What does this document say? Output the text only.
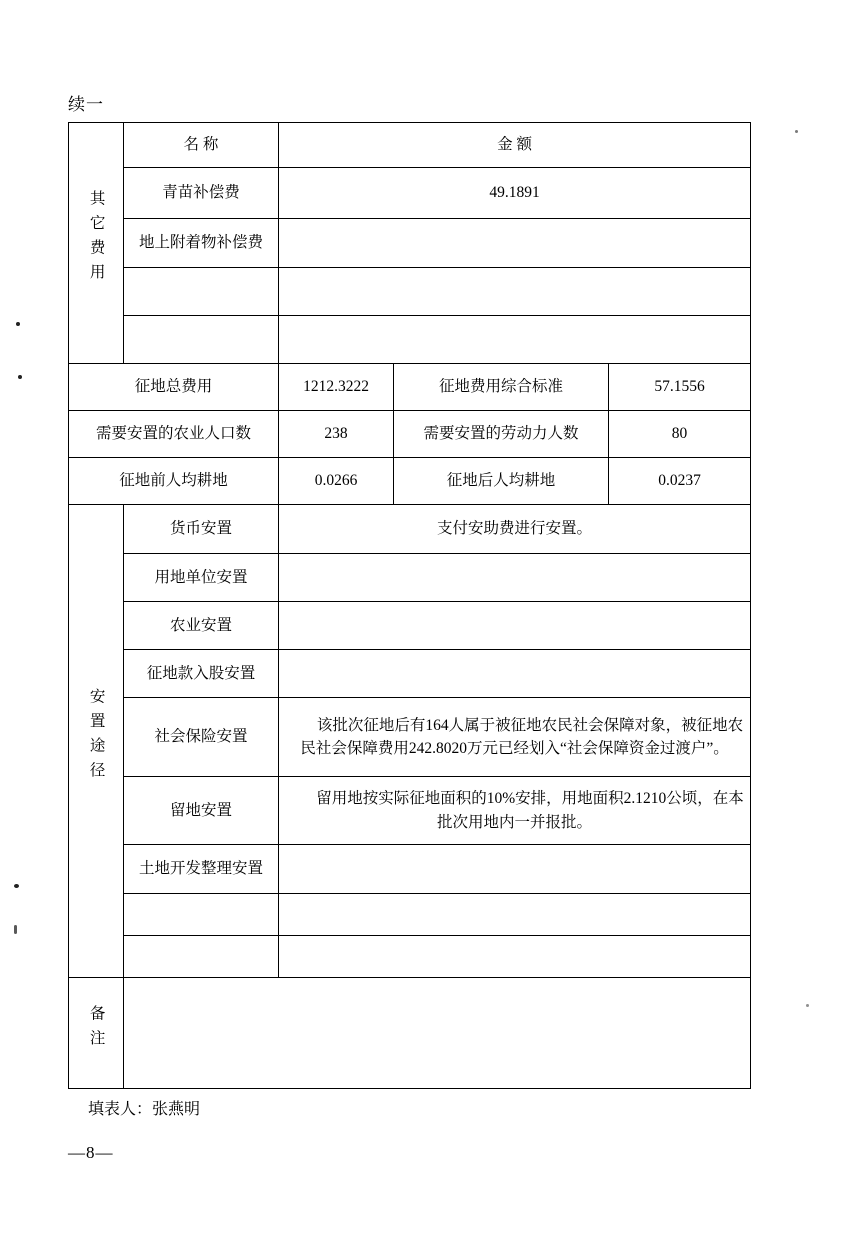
续一
其它费用	名 称	金 额		
	青苗补偿费	49.1891		
	地上附着物补偿费			

征地总费用		1212.3222	征地费用综合标准	57.1556
需要安置的农业人口数		238	需要安置的劳动力人数	80
征地前人均耕地		0.0266	征地后人均耕地	0.0237
安置途径	货币安置	支付安助费进行安置。		
	用地单位安置			
	农业安置			
	征地款入股安置			
	社会保险安置	该批次征地后有164人属于被征地农民社会保障对象，被征地农民社会保障费用242.8020万元已经划入“社会保障资金过渡户”。		
	留地安置	留用地按实际征地面积的10%安排，用地面积2.1210公顷，在本批次用地内一并报批。		
	土地开发整理安置			

备注				
填表人：张燕明
—8—
